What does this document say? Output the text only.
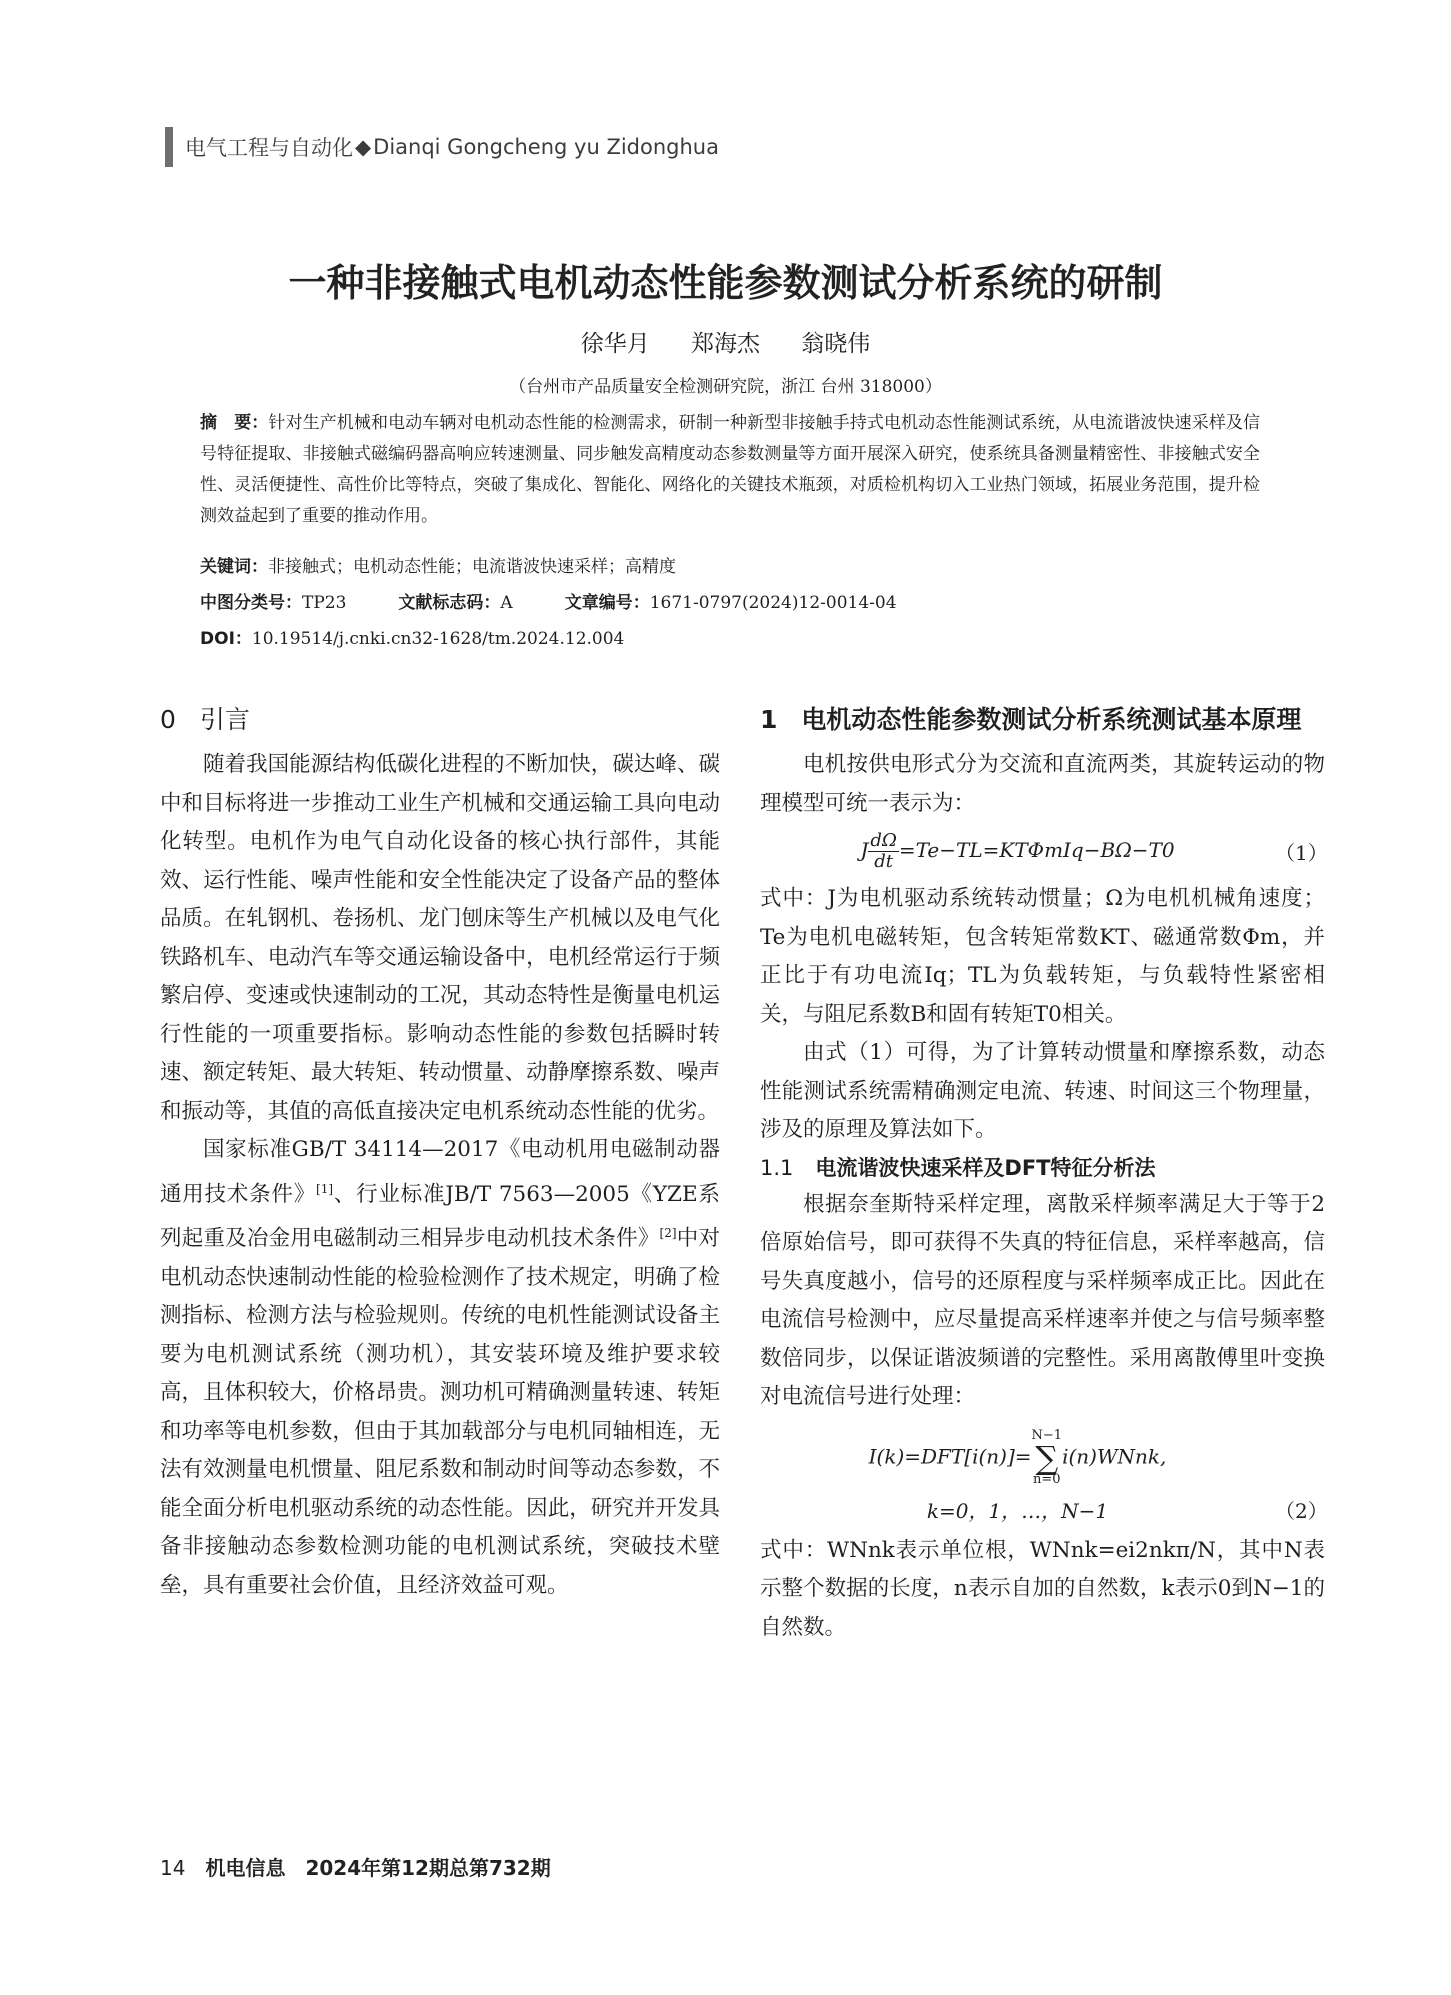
电气工程与自动化 ◆ Dianqi Gongcheng yu Zidonghua
一种非接触式电机动态性能参数测试分析系统的研制
徐华月 郑海杰 翁晓伟
（台州市产品质量安全检测研究院，浙江 台州 318000）
摘　要：针对生产机械和电动车辆对电机动态性能的检测需求，研制一种新型非接触手持式电机动态性能测试系统，从电流谐波快速采样及信号特征提取、非接触式磁编码器高响应转速测量、同步触发高精度动态参数测量等方面开展深入研究，使系统具备测量精密性、非接触式安全性、灵活便捷性、高性价比等特点，突破了集成化、智能化、网络化的关键技术瓶颈，对质检机构切入工业热门领域，拓展业务范围，提升检测效益起到了重要的推动作用。
关键词：非接触式；电机动态性能；电流谐波快速采样；高精度
中图分类号：TP23	文献标志码：A	文章编号：1671-0797(2024)12-0014-04
DOI：10.19514/j.cnki.cn32-1628/tm.2024.12.004
0 引言

随着我国能源结构低碳化进程的不断加快，碳达峰、碳中和目标将进一步推动工业生产机械和交通运输工具向电动化转型。电机作为电气自动化设备的核心执行部件，其能效、运行性能、噪声性能和安全性能决定了设备产品的整体品质。在轧钢机、卷扬机、龙门刨床等生产机械以及电气化铁路机车、电动汽车等交通运输设备中，电机经常运行于频繁启停、变速或快速制动的工况，其动态特性是衡量电机运行性能的一项重要指标。影响动态性能的参数包括瞬时转速、额定转矩、最大转矩、转动惯量、动静摩擦系数、噪声和振动等，其值的高低直接决定电机系统动态性能的优劣。

国家标准GB/T 34114—2017《电动机用电磁制动器通用技术条件》[1]、行业标准JB/T 7563—2005《YZE系列起重及冶金用电磁制动三相异步电动机技术条件》[2]中对电机动态快速制动性能的检验检测作了技术规定，明确了检测指标、检测方法与检验规则。传统的电机性能测试设备主要为电机测试系统（测功机），其安装环境及维护要求较高，且体积较大，价格昂贵。测功机可精确测量转速、转矩和功率等电机参数，但由于其加载部分与电机同轴相连，无法有效测量电机惯量、阻尼系数和制动时间等动态参数，不能全面分析电机驱动系统的动态性能。因此，研究并开发具备非接触动态参数检测功能的电机测试系统，突破技术壁垒，具有重要社会价值，且经济效益可观。

1 电机动态性能参数测试分析系统测试基本原理

电机按供电形式分为交流和直流两类，其旋转运动的物理模型可统一表示为：

J $\frac{d\Omega}{dt} =Te-TL=KT\Phi mIq-B\Omega-T0$	（1）

式中：J为电机驱动系统转动惯量；Ω为电机机械角速度；Te为电机电磁转矩，包含转矩常数KT、磁通常数Φm，并正比于有功电流Iq；TL为负载转矩，与负载特性紧密相关，与阻尼系数B和固有转矩T0相关。

由式（1）可得，为了计算转动惯量和摩擦系数，动态性能测试系统需精确测定电流、转速、时间这三个物理量，涉及的原理及算法如下。

1.1 电流谐波快速采样及DFT特征分析法

根据奈奎斯特采样定理，离散采样频率满足大于等于2倍原始信号，即可获得不失真的特征信息，采样率越高，信号失真度越小，信号的还原程度与采样频率成正比。因此在电流信号检测中，应尽量提高采样速率并使之与信号频率整数倍同步，以保证谐波频谱的完整性。采用离散傅里叶变换对电流信号进行处理：

I(k)=DFT[i(n)]=
N−1
∑
n=0
i(n)WNnk,
k=0，1，…，N−1	（2）

式中：WNnk表示单位根，WNnk=ei2nkπ/N，其中N表示整个数据的长度，n表示自加的自然数，k表示0到N−1的自然数。

14 机电信息　2024年第12期总第732期
